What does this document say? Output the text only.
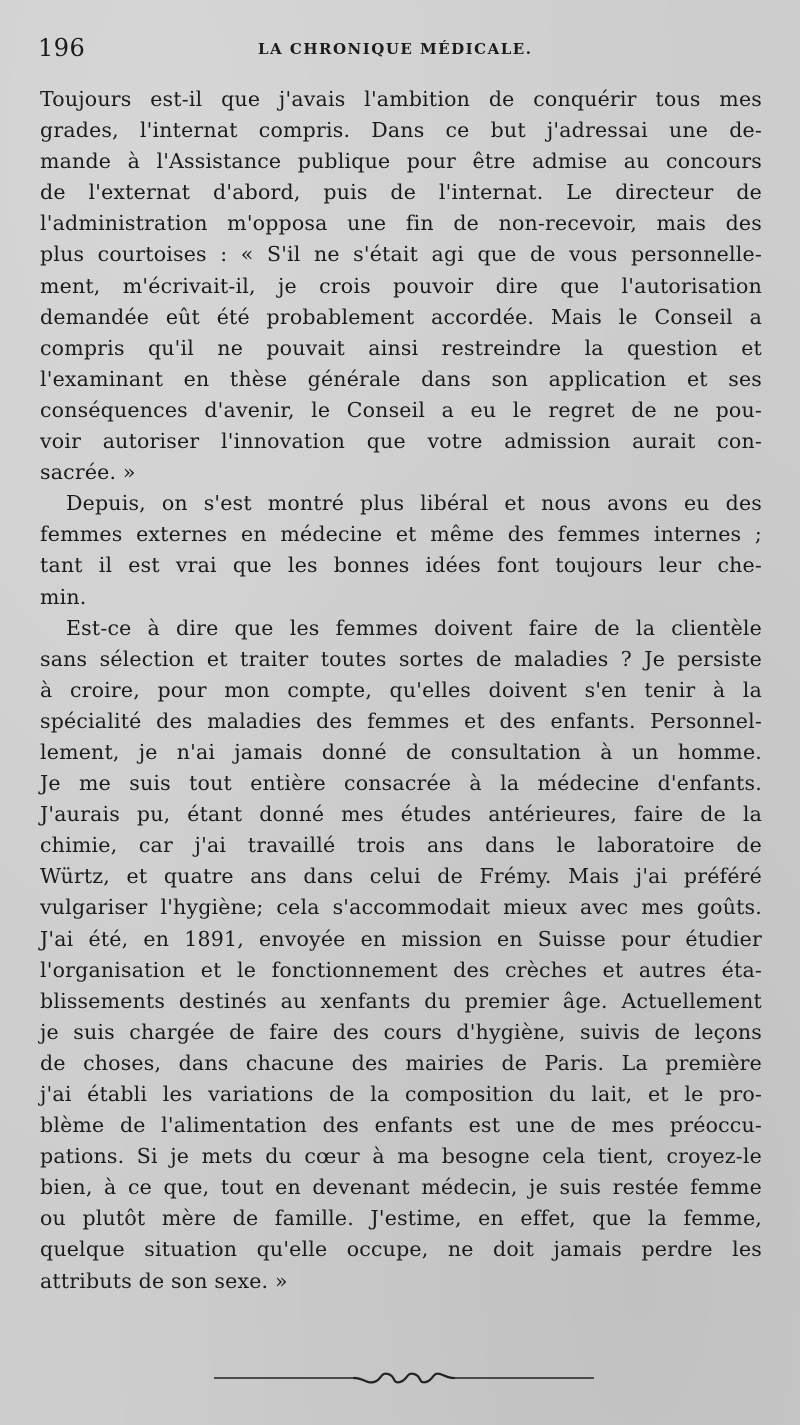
196	LA CHRONIQUE MÉDICALE.
Toujours est-il que j'avais l'ambition de conquérir tous mes
grades, l'internat compris. Dans ce but j'adressai une de-
mande à l'Assistance publique pour être admise au concours
de l'externat d'abord, puis de l'internat. Le directeur de
l'administration m'opposa une fin de non-recevoir, mais des
plus courtoises : « S'il ne s'était agi que de vous personnelle-
ment, m'écrivait-il, je crois pouvoir dire que l'autorisation
demandée eût été probablement accordée. Mais le Conseil a
compris qu'il ne pouvait ainsi restreindre la question et
l'examinant en thèse générale dans son application et ses
conséquences d'avenir, le Conseil a eu le regret de ne pou-
voir autoriser l'innovation que votre admission aurait con-
sacrée. »
Depuis, on s'est montré plus libéral et nous avons eu des
femmes externes en médecine et même des femmes internes ;
tant il est vrai que les bonnes idées font toujours leur che-
min.
Est-ce à dire que les femmes doivent faire de la clientèle
sans sélection et traiter toutes sortes de maladies ? Je persiste
à croire, pour mon compte, qu'elles doivent s'en tenir à la
spécialité des maladies des femmes et des enfants. Personnel-
lement, je n'ai jamais donné de consultation à un homme.
Je me suis tout entière consacrée à la médecine d'enfants.
J'aurais pu, étant donné mes études antérieures, faire de la
chimie, car j'ai travaillé trois ans dans le laboratoire de
Würtz, et quatre ans dans celui de Frémy. Mais j'ai préféré
vulgariser l'hygiène; cela s'accommodait mieux avec mes goûts.
J'ai été, en 1891, envoyée en mission en Suisse pour étudier
l'organisation et le fonctionnement des crèches et autres éta-
blissements destinés au xenfants du premier âge. Actuellement
je suis chargée de faire des cours d'hygiène, suivis de leçons
de choses, dans chacune des mairies de Paris. La première
j'ai établi les variations de la composition du lait, et le pro-
blème de l'alimentation des enfants est une de mes préoccu-
pations. Si je mets du cœur à ma besogne cela tient, croyez-le
bien, à ce que, tout en devenant médecin, je suis restée femme
ou plutôt mère de famille. J'estime, en effet, que la femme,
quelque situation qu'elle occupe, ne doit jamais perdre les
attributs de son sexe. »
